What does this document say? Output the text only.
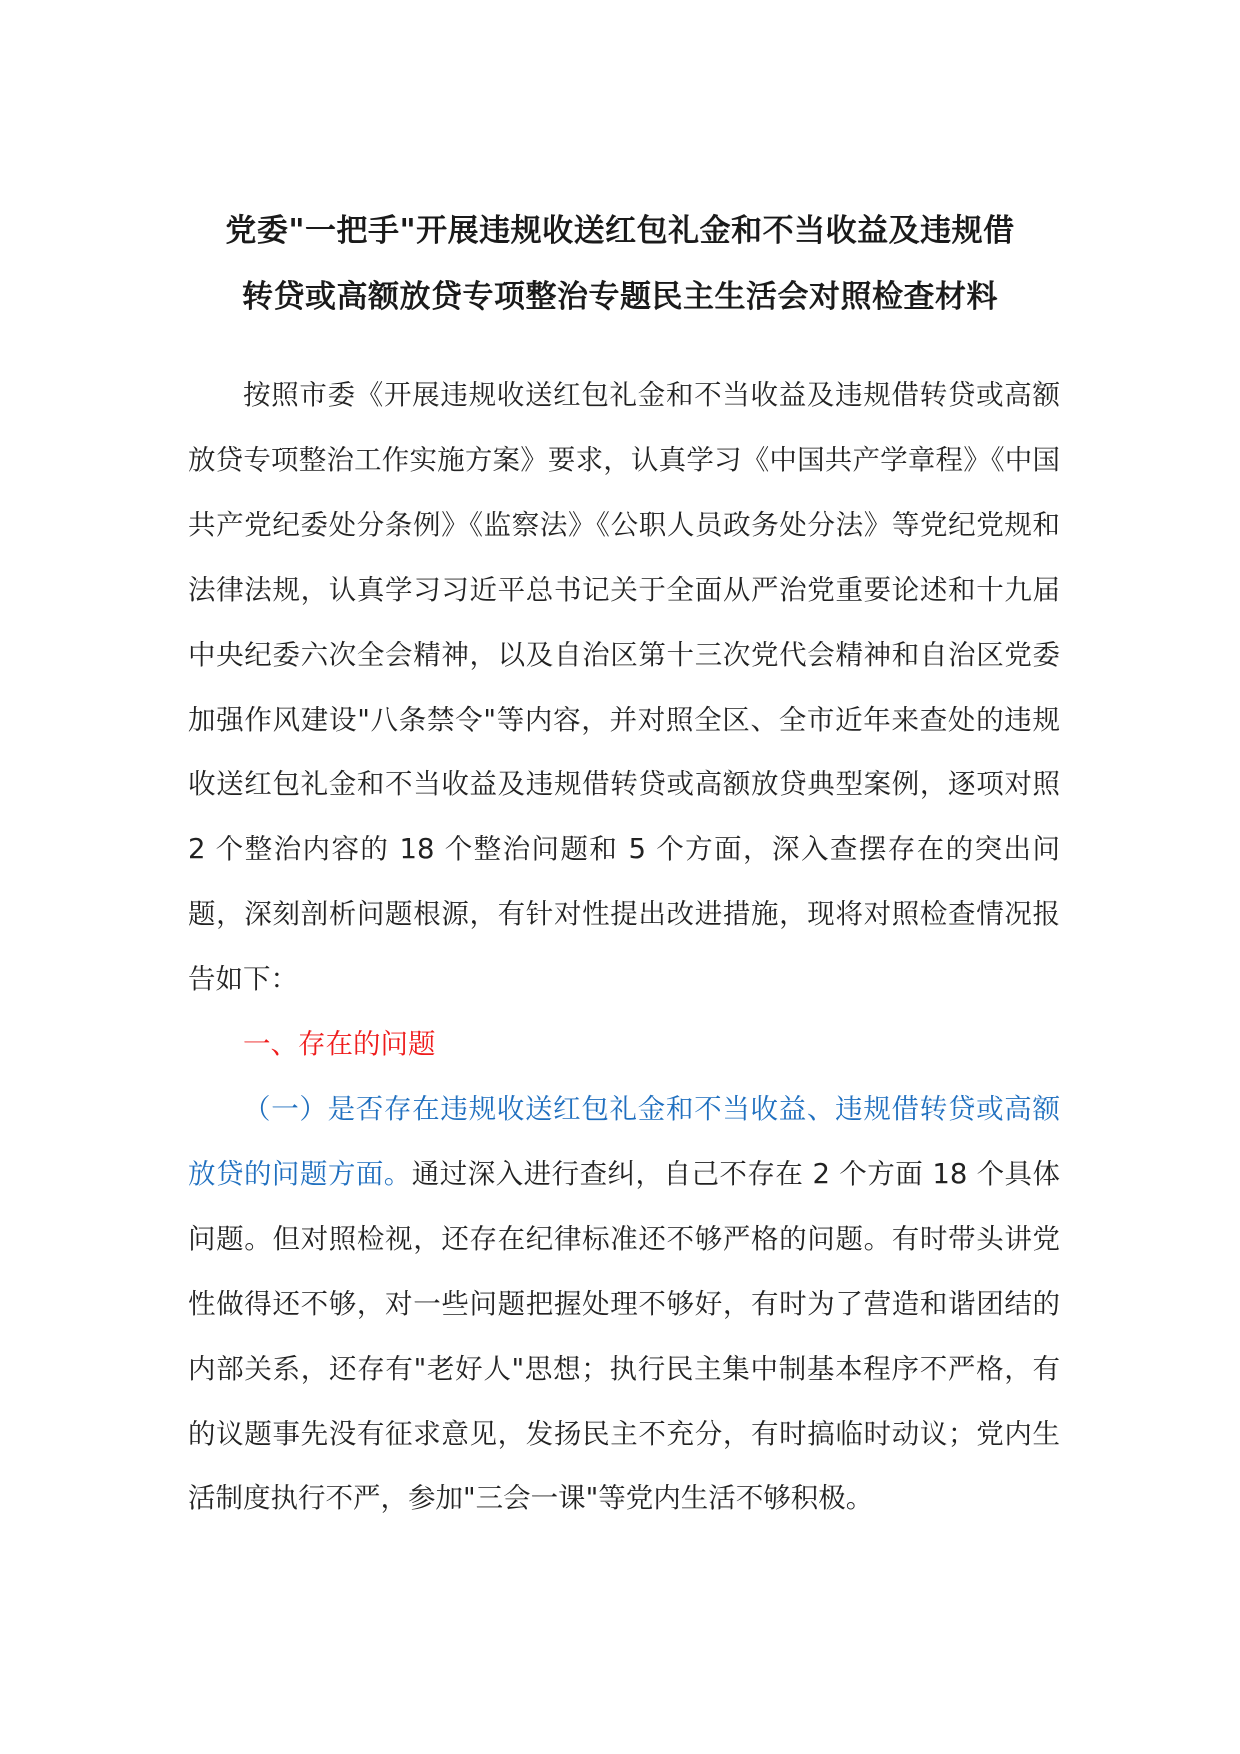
党委"一把手"开展违规收送红包礼金和不当收益及违规借
转贷或高额放贷专项整治专题民主生活会对照检查材料

按照市委《开展违规收送红包礼金和不当收益及违规借转贷或高额放贷专项整治工作实施方案》要求，认真学习《中国共产学章程》《中国共产党纪委处分条例》《监察法》《公职人员政务处分法》等党纪党规和法律法规，认真学习习近平总书记关于全面从严治党重要论述和十九届中央纪委六次全会精神，以及自治区第十三次党代会精神和自治区党委加强作风建设"八条禁令"等内容，并对照全区、全市近年来查处的违规收送红包礼金和不当收益及违规借转贷或高额放贷典型案例，逐项对照 2 个整治内容的 18 个整治问题和 5 个方面，深入查摆存在的突出问题，深刻剖析问题根源，有针对性提出改进措施，现将对照检查情况报告如下：

一、存在的问题

（一）是否存在违规收送红包礼金和不当收益、违规借转贷或高额放贷的问题方面。通过深入进行查纠，自己不存在 2 个方面 18 个具体问题。但对照检视，还存在纪律标准还不够严格的问题。有时带头讲党性做得还不够，对一些问题把握处理不够好，有时为了营造和谐团结的内部关系，还存有"老好人"思想；执行民主集中制基本程序不严格，有的议题事先没有征求意见，发扬民主不充分，有时搞临时动议；党内生活制度执行不严，参加"三会一课"等党内生活不够积极。
